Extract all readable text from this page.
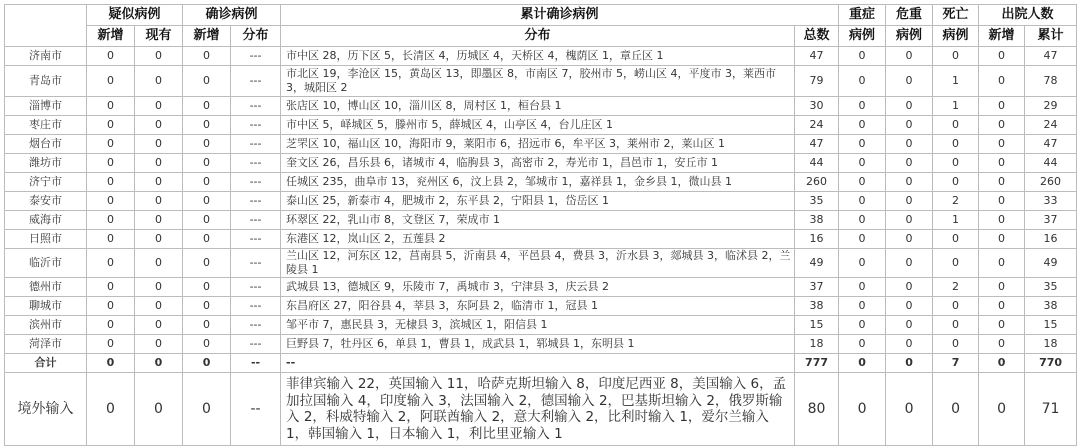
	疑似病例		确诊病例		累计确诊病例		重症	危重	死亡	出院人数	
	新增	现有	新增	分布	分布	总数	病例	病例	病例	新增	累计
济南市	0	0	0	---	市中区 28，历下区 5，长清区 4，历城区 4，天桥区 4，槐荫区 1，章丘区 1	47	0	0	0	0	47
青岛市	0	0	0	---	市北区 19，李沧区 15，黄岛区 13，即墨区 8，市南区 7，胶州市 5，崂山区 4，平度市 3，莱西市 3，城阳区 2	79	0	0	1	0	78
淄博市	0	0	0	---	张店区 10，博山区 10，淄川区 8，周村区 1，桓台县 1	30	0	0	1	0	29
枣庄市	0	0	0	---	市中区 5，峄城区 5，滕州市 5，薛城区 4，山亭区 4，台儿庄区 1	24	0	0	0	0	24
烟台市	0	0	0	---	芝罘区 10，福山区 10，海阳市 9，莱阳市 6，招远市 6，牟平区 3，莱州市 2，莱山区 1	47	0	0	0	0	47
潍坊市	0	0	0	---	奎文区 26，昌乐县 6，诸城市 4，临朐县 3，高密市 2，寿光市 1，昌邑市 1，安丘市 1	44	0	0	0	0	44
济宁市	0	0	0	---	任城区 235，曲阜市 13，兖州区 6，汶上县 2，邹城市 1，嘉祥县 1，金乡县 1，微山县 1	260	0	0	0	0	260
泰安市	0	0	0	---	泰山区 25，新泰市 4，肥城市 2，东平县 2，宁阳县 1，岱岳区 1	35	0	0	2	0	33
威海市	0	0	0	---	环翠区 22，乳山市 8，文登区 7，荣成市 1	38	0	0	1	0	37
日照市	0	0	0	---	东港区 12，岚山区 2，五莲县 2	16	0	0	0	0	16
临沂市	0	0	0	---	兰山区 12，河东区 12，莒南县 5，沂南县 4，平邑县 4，费县 3，沂水县 3，郯城县 3，临沭县 2，兰陵县 1	49	0	0	0	0	49
德州市	0	0	0	---	武城县 13，德城区 9，乐陵市 7，禹城市 3，宁津县 3，庆云县 2	37	0	0	2	0	35
聊城市	0	0	0	---	东昌府区 27，阳谷县 4，莘县 3，东阿县 2，临清市 1，冠县 1	38	0	0	0	0	38
滨州市	0	0	0	---	邹平市 7，惠民县 3，无棣县 3，滨城区 1，阳信县 1	15	0	0	0	0	15
菏泽市	0	0	0	---	巨野县 7，牡丹区 6，单县 1，曹县 1，成武县 1，郓城县 1，东明县 1	18	0	0	0	0	18
合计	0	0	0	--	--	777	0	0	7	0	770
境外输入	0	0	0	--	菲律宾输入 22，英国输入 11，哈萨克斯坦输入 8，印度尼西亚 8，美国输入 6，孟加拉国输入 4，印度输入 3，法国输入 2，德国输入 2，巴基斯坦输入 2，俄罗斯输入 2，科威特输入 2，阿联酋输入 2，意大利输入 2，比利时输入 1，爱尔兰输入 1，韩国输入 1，日本输入 1，利比里亚输入 1	80	0	0	0	0	71
